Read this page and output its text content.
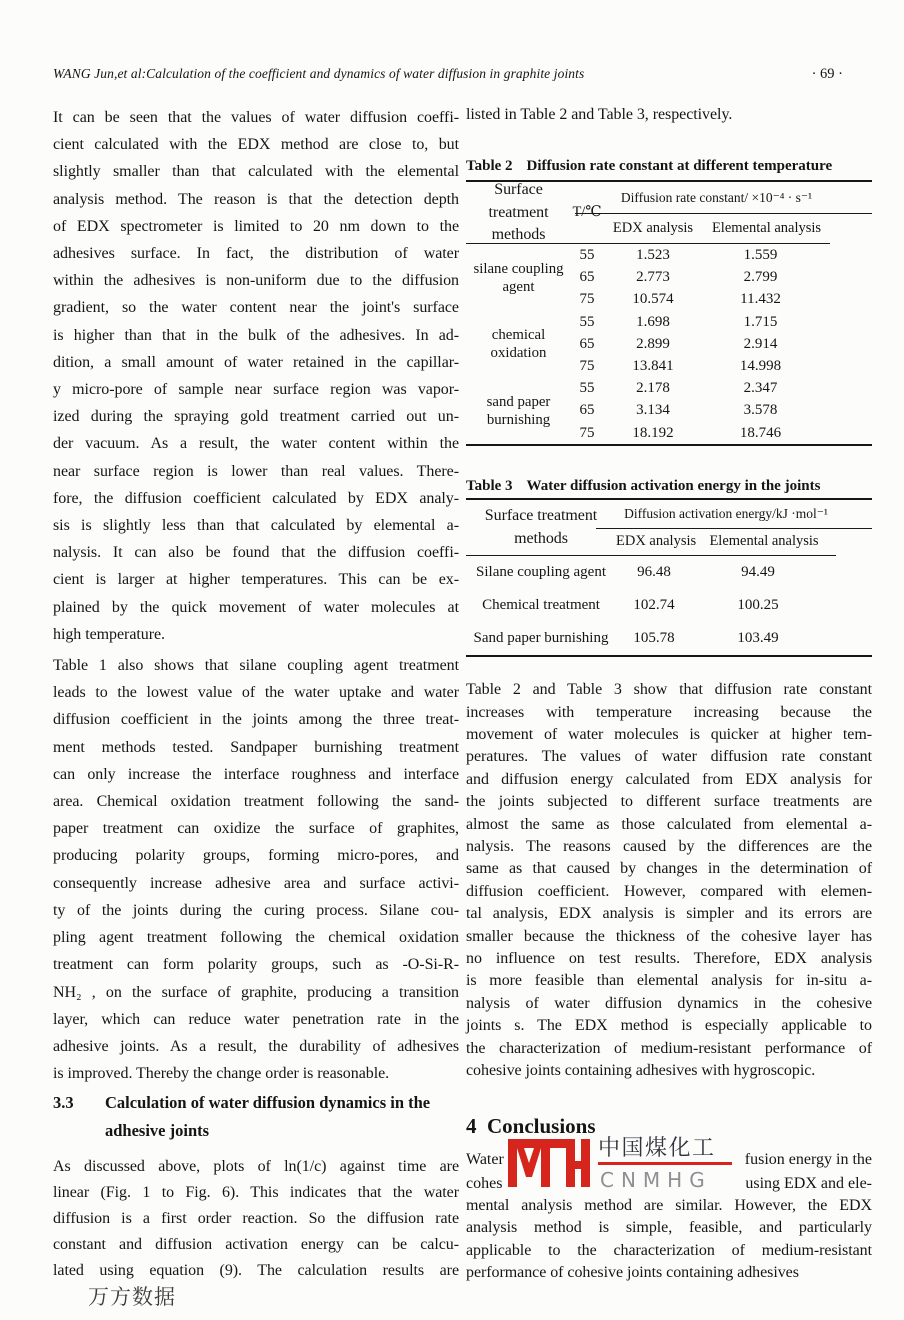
WANG Jun,et al:Calculation of the coefficient and dynamics of water diffusion in graphite joints	· 69 ·
It can be seen that the values of water diffusion coeffi-
cient calculated with the EDX method are close to, but
slightly smaller than that calculated with the elemental
analysis method. The reason is that the detection depth
of EDX spectrometer is limited to 20 nm down to the
adhesives surface. In fact, the distribution of water
within the adhesives is non-uniform due to the diffusion
gradient, so the water content near the joint's surface
is higher than that in the bulk of the adhesives. In ad-
dition, a small amount of water retained in the capillar-
y micro-pore of sample near surface region was vapor-
ized during the spraying gold treatment carried out un-
der vacuum. As a result, the water content within the
near surface region is lower than real values. There-
fore, the diffusion coefficient calculated by EDX analy-
sis is slightly less than that calculated by elemental a-
nalysis. It can also be found that the diffusion coeffi-
cient is larger at higher temperatures. This can be ex-
plained by the quick movement of water molecules at
high temperature.
Table 1 also shows that silane coupling agent treatment
leads to the lowest value of the water uptake and water
diffusion coefficient in the joints among the three treat-
ment methods tested. Sandpaper burnishing treatment
can only increase the interface roughness and interface
area. Chemical oxidation treatment following the sand-
paper treatment can oxidize the surface of graphites,
producing polarity groups, forming micro-pores, and
consequently increase adhesive area and surface activi-
ty of the joints during the curing process. Silane cou-
pling agent treatment following the chemical oxidation
treatment can form polarity groups, such as -O-Si-R-
NH₂ , on the surface of graphite, producing a transition
layer, which can reduce water penetration rate in the
adhesive joints. As a result, the durability of adhesives
is improved. Thereby the change order is reasonable.
3.3	Calculation of water diffusion dynamics in the
adhesive joints
As discussed above, plots of ln(1/c) against time are
linear (Fig. 1 to Fig. 6). This indicates that the water
diffusion is a first order reaction. So the diffusion rate
constant and diffusion activation energy can be calcu-
lated using equation (9). The calculation results are
listed in Table 2 and Table 3, respectively.
Table 2 Diffusion rate constant at different temperature
Surface
treatment
methods
T/℃
Diffusion rate constant/ ×10⁻⁴ · s⁻¹
EDX analysis	Elemental analysis
silane coupling
agent
55	1.523	1.559
65	2.773	2.799
75	10.574	11.432
chemical
oxidation
55	1.698	1.715
65	2.899	2.914
75	13.841	14.998
sand paper
burnishing
55	2.178	2.347
65	3.134	3.578
75	18.192	18.746
Table 3 Water diffusion activation energy in the joints
Surface treatment
methods
Diffusion activation energy/kJ ·mol⁻¹
EDX analysis Elemental analysis
Silane coupling agent	96.48	94.49
Chemical treatment	102.74	100.25
Sand paper burnishing	105.78	103.49
Table 2 and Table 3 show that diffusion rate constant
increases with temperature increasing because the
movement of water molecules is quicker at higher tem-
peratures. The values of water diffusion rate constant
and diffusion energy calculated from EDX analysis for
the joints subjected to different surface treatments are
almost the same as those calculated from elemental a-
nalysis. The reasons caused by the differences are the
same as that caused by changes in the determination of
diffusion coefficient. However, compared with elemen-
tal analysis, EDX analysis is simpler and its errors are
smaller because the thickness of the cohesive layer has
no influence on test results. Therefore, EDX analysis
is more feasible than elemental analysis for in-situ a-
nalysis of water diffusion dynamics in the cohesive
joints s. The EDX method is especially applicable to
the characterization of medium-resistant performance of
cohesive joints containing adhesives with hygroscopic.
4 Conclusions
Water	fusion energy in the
cohes	using EDX and ele-
mental analysis method are similar. However, the EDX
analysis method is simple, feasible, and particularly
applicable to the characterization of medium-resistant
performance of cohesive joints containing adhesives
中国煤化工
CNMHG
万方数据
